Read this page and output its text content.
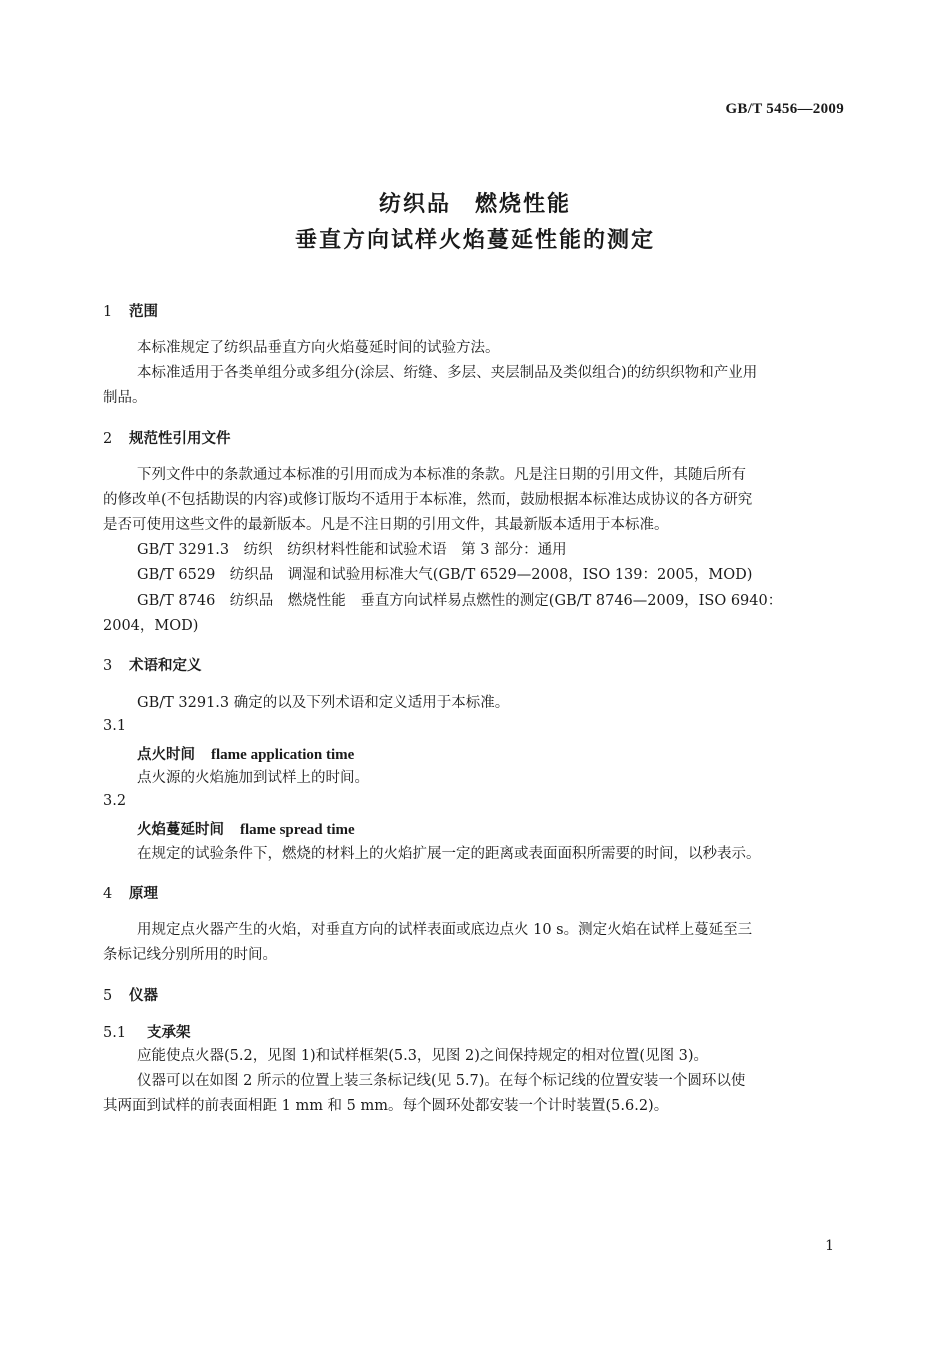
GB/T 5456—2009
纺织品　燃烧性能
垂直方向试样火焰蔓延性能的测定
1 范围
本标准规定了纺织品垂直方向火焰蔓延时间的试验方法。
本标准适用于各类单组分或多组分(涂层、绗缝、多层、夹层制品及类似组合)的纺织织物和产业用
制品。
2 规范性引用文件
下列文件中的条款通过本标准的引用而成为本标准的条款。凡是注日期的引用文件，其随后所有
的修改单(不包括勘误的内容)或修订版均不适用于本标准，然而，鼓励根据本标准达成协议的各方研究
是否可使用这些文件的最新版本。凡是不注日期的引用文件，其最新版本适用于本标准。
GB/T 3291.3　纺织　纺织材料性能和试验术语　第 3 部分：通用
GB/T 6529　纺织品　调湿和试验用标准大气(GB/T 6529—2008，ISO 139：2005，MOD)
GB/T 8746　纺织品　燃烧性能　垂直方向试样易点燃性的测定(GB/T 8746—2009，ISO 6940：
2004，MOD)
3 术语和定义
GB/T 3291.3 确定的以及下列术语和定义适用于本标准。
3.1
点火时间 flame application time
点火源的火焰施加到试样上的时间。
3.2
火焰蔓延时间 flame spread time
在规定的试验条件下，燃烧的材料上的火焰扩展一定的距离或表面面积所需要的时间，以秒表示。
4 原理
用规定点火器产生的火焰，对垂直方向的试样表面或底边点火 10 s。测定火焰在试样上蔓延至三
条标记线分别所用的时间。
5 仪器
5.1 支承架
应能使点火器(5.2，见图 1)和试样框架(5.3，见图 2)之间保持规定的相对位置(见图 3)。
仪器可以在如图 2 所示的位置上装三条标记线(见 5.7)。在每个标记线的位置安装一个圆环以使
其两面到试样的前表面相距 1 mm 和 5 mm。每个圆环处都安装一个计时装置(5.6.2)。
1
